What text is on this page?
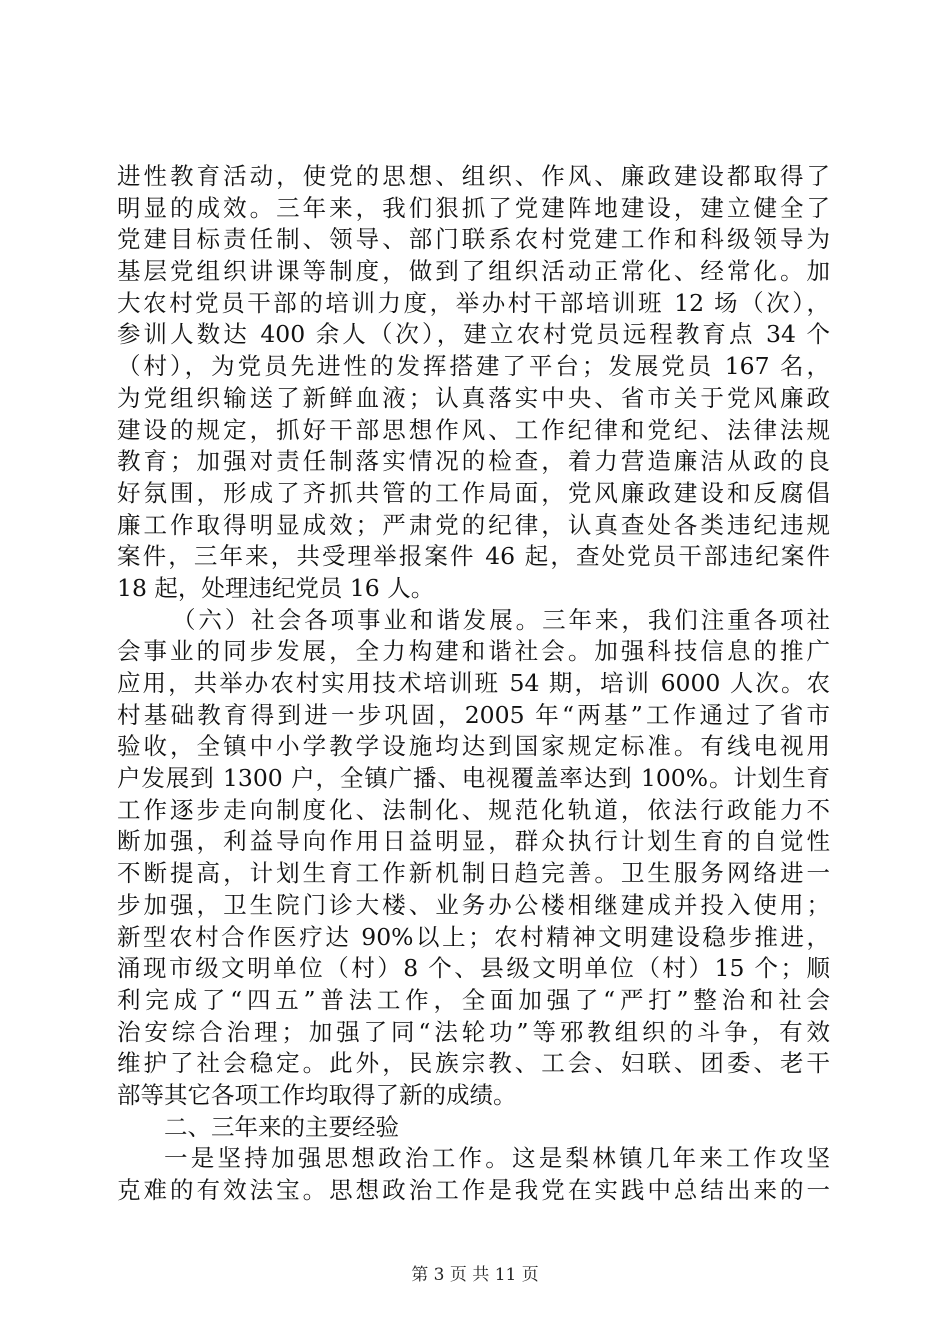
进性教育活动，使党的思想、组织、作风、廉政建设都取得了
明显的成效。三年来，我们狠抓了党建阵地建设，建立健全了
党建目标责任制、领导、部门联系农村党建工作和科级领导为
基层党组织讲课等制度，做到了组织活动正常化、经常化。加
大农村党员干部的培训力度，举办村干部培训班 12 场（次），
参训人数达 400 余人（次），建立农村党员远程教育点 34 个
（村），为党员先进性的发挥搭建了平台；发展党员 167 名，
为党组织输送了新鲜血液；认真落实中央、省市关于党风廉政
建设的规定，抓好干部思想作风、工作纪律和党纪、法律法规
教育；加强对责任制落实情况的检查，着力营造廉洁从政的良
好氛围，形成了齐抓共管的工作局面，党风廉政建设和反腐倡
廉工作取得明显成效；严肃党的纪律，认真查处各类违纪违规
案件，三年来，共受理举报案件 46 起，查处党员干部违纪案件
18 起，处理违纪党员 16 人。
（六）社会各项事业和谐发展。三年来，我们注重各项社
会事业的同步发展，全力构建和谐社会。加强科技信息的推广
应用，共举办农村实用技术培训班 54 期，培训 6000 人次。农
村基础教育得到进一步巩固，2005 年“两基”工作通过了省市
验收，全镇中小学教学设施均达到国家规定标准。有线电视用
户发展到 1300 户，全镇广播、电视覆盖率达到 100%。计划生育
工作逐步走向制度化、法制化、规范化轨道，依法行政能力不
断加强，利益导向作用日益明显，群众执行计划生育的自觉性
不断提高，计划生育工作新机制日趋完善。卫生服务网络进一
步加强，卫生院门诊大楼、业务办公楼相继建成并投入使用；
新型农村合作医疗达 90%以上；农村精神文明建设稳步推进，
涌现市级文明单位（村）8 个、县级文明单位（村）15 个；顺
利完成了“四五”普法工作，全面加强了“严打”整治和社会
治安综合治理；加强了同“法轮功”等邪教组织的斗争，有效
维护了社会稳定。此外，民族宗教、工会、妇联、团委、老干
部等其它各项工作均取得了新的成绩。
二、三年来的主要经验
一是坚持加强思想政治工作。这是梨林镇几年来工作攻坚
克难的有效法宝。思想政治工作是我党在实践中总结出来的一
第 3 页 共 11 页
